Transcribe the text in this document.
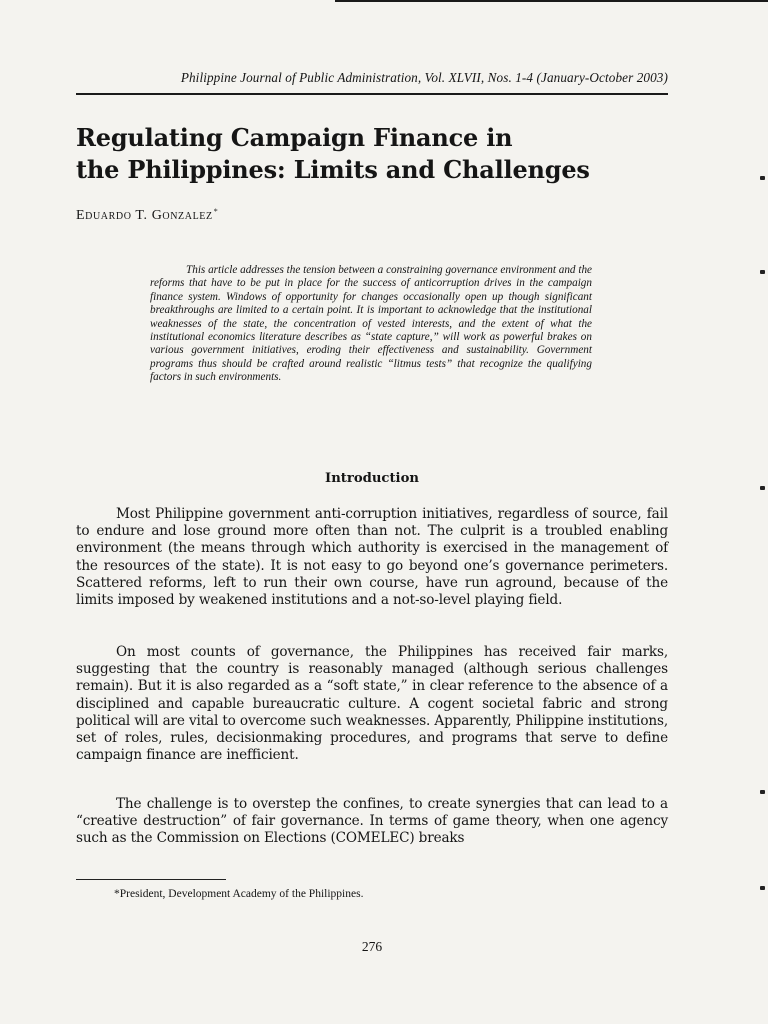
Philippine Journal of Public Administration, Vol. XLVII, Nos. 1-4 (January-October 2003)
Regulating Campaign Finance in
the Philippines: Limits and Challenges
Eduardo T. Gonzalez*

This article addresses the tension between a constraining governance environment and the reforms that have to be put in place for the success of anticorruption drives in the campaign finance system. Windows of opportunity for changes occasionally open up though significant breakthroughs are limited to a certain point. It is important to acknowledge that the institutional weaknesses of the state, the concentration of vested interests, and the extent of what the institutional economics literature describes as “state capture,” will work as powerful brakes on various government initiatives, eroding their effectiveness and sustainability. Government programs thus should be crafted around realistic “litmus tests” that recognize the qualifying factors in such environments.

Introduction

Most Philippine government anti-corruption initiatives, regardless of source, fail to endure and lose ground more often than not. The culprit is a troubled enabling environment (the means through which authority is exercised in the management of the resources of the state). It is not easy to go beyond one’s governance perimeters. Scattered reforms, left to run their own course, have run aground, because of the limits imposed by weakened institutions and a not-so-level playing field.

On most counts of governance, the Philippines has received fair marks, suggesting that the country is reasonably managed (although serious challenges remain). But it is also regarded as a “soft state,” in clear reference to the absence of a disciplined and capable bureaucratic culture. A cogent societal fabric and strong political will are vital to overcome such weaknesses. Apparently, Philippine institutions, set of roles, rules, decisionmaking procedures, and programs that serve to define campaign finance are inefficient.

The challenge is to overstep the confines, to create synergies that can lead to a “creative destruction” of fair governance. In terms of game theory, when one agency such as the Commission on Elections (COMELEC) breaks

*President, Development Academy of the Philippines.
276
